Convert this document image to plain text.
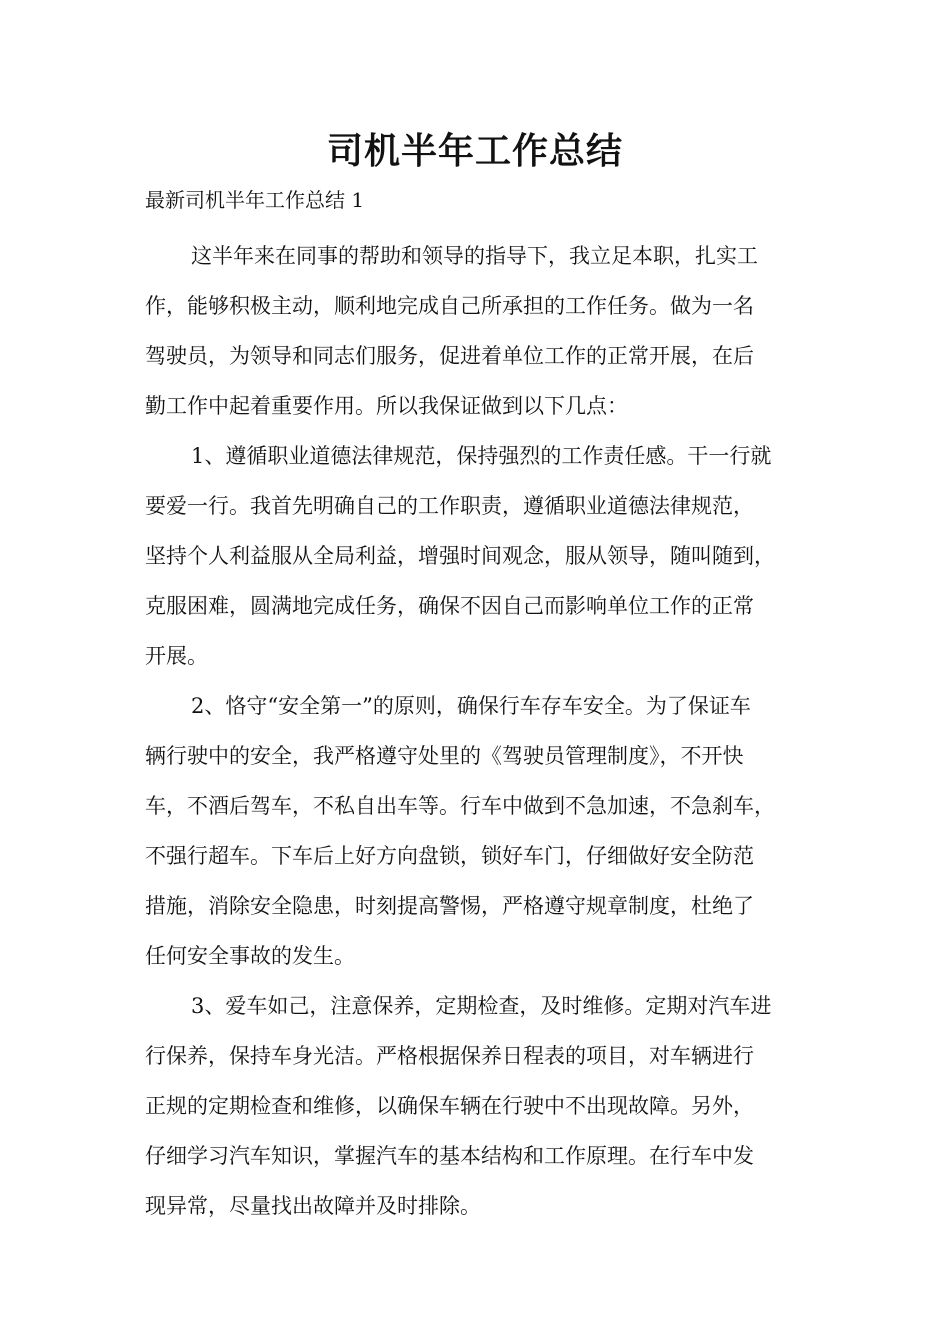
司机半年工作总结

最新司机半年工作总结 1

这半年来在同事的帮助和领导的指导下，我立足本职，扎实工
作，能够积极主动，顺利地完成自己所承担的工作任务。做为一名
驾驶员，为领导和同志们服务，促进着单位工作的正常开展，在后
勤工作中起着重要作用。所以我保证做到以下几点：

1、遵循职业道德法律规范，保持强烈的工作责任感。干一行就
要爱一行。我首先明确自己的工作职责，遵循职业道德法律规范，
坚持个人利益服从全局利益，增强时间观念，服从领导，随叫随到，
克服困难，圆满地完成任务，确保不因自己而影响单位工作的正常
开展。

2、恪守“安全第一”的原则，确保行车存车安全。为了保证车
辆行驶中的安全，我严格遵守处里的《驾驶员管理制度》，不开快
车，不酒后驾车，不私自出车等。行车中做到不急加速，不急刹车，
不强行超车。下车后上好方向盘锁，锁好车门，仔细做好安全防范
措施，消除安全隐患，时刻提高警惕，严格遵守规章制度，杜绝了
任何安全事故的发生。

3、爱车如己，注意保养，定期检查，及时维修。定期对汽车进
行保养，保持车身光洁。严格根据保养日程表的项目，对车辆进行
正规的定期检查和维修，以确保车辆在行驶中不出现故障。另外，
仔细学习汽车知识，掌握汽车的基本结构和工作原理。在行车中发
现异常，尽量找出故障并及时排除。
